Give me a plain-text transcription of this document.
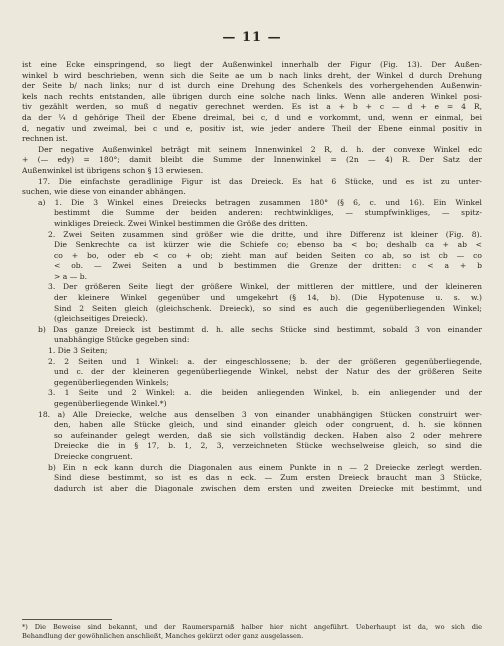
— 11 —
ist eine Ecke einspringend, so liegt der Außenwinkel innerhalb der Figur (Fig. 13). Der Außen-
winkel b wird beschrieben, wenn sich die Seite ae um b nach links dreht, der Winkel d durch Drehung
der Seite b/ nach links; nur d ist durch eine Drehung des Schenkels des vorhergehenden Außenwin-
kels nach rechts entstanden, alle übrigen durch eine solche nach links. Wenn alle anderen Winkel posi-
tiv gezählt werden, so muß d negativ gerechnet werden. Es ist a + b + c — d + e = 4 R,
da der ¼ d gehörige Theil der Ebene dreimal, bei c, d und e vorkommt, und, wenn er einmal, bei
d, negativ und zweimal, bei c und e, positiv ist, wie jeder andere Theil der Ebene einmal positiv in
rechnen ist.
Der negative Außenwinkel beträgt mit seinem Innenwinkel 2 R, d. h. der convexe Winkel edc
+ (— edy) = 180°; damit bleibt die Summe der Innenwinkel = (2n — 4) R. Der Satz der
Außenwinkel ist übrigens schon § 13 erwiesen.
17. Die einfachste geradlinige Figur ist das Dreieck. Es hat 6 Stücke, und es ist zu unter-
suchen, wie diese von einander abhängen.
a) 1. Die 3 Winkel eines Dreiecks betragen zusammen 180° (§ 6, c. und 16). Ein Winkel
bestimmt die Summe der beiden anderen: rechtwinkliges, — stumpfwinkliges, — spitz-
winkliges Dreieck. Zwei Winkel bestimmen die Größe des dritten.
2. Zwei Seiten zusammen sind größer wie die dritte, und ihre Differenz ist kleiner (Fig. 8).
Die Senkrechte ca ist kürzer wie die Schiefe co; ebenso ba < bo; deshalb ca + ab <
co + bo, oder eb < co + ob; zieht man auf beiden Seiten co ab, so ist cb — co
< ob. — Zwei Seiten a und b bestimmen die Grenze der dritten: c < a + b
> a — b.
3. Der größeren Seite liegt der größere Winkel, der mittleren der mittlere, und der kleineren
der kleinere Winkel gegenüber und umgekehrt (§ 14, b). (Die Hypotenuse u. s. w.)
Sind 2 Seiten gleich (gleichschenk. Dreieck), so sind es auch die gegenüberliegenden Winkel;
(gleichseitiges Dreieck).
b) Das ganze Dreieck ist bestimmt d. h. alle sechs Stücke sind bestimmt, sobald 3 von einander
unabhängige Stücke gegeben sind:
1. Die 3 Seiten;
2. 2 Seiten und 1 Winkel: a. der eingeschlossene; b. der der größeren gegenüberliegende,
und c. der der kleineren gegenüberliegende Winkel, nebst der Natur des der größeren Seite
gegenüberliegenden Winkels;
3. 1 Seite und 2 Winkel: a. die beiden anliegenden Winkel, b. ein anliegender und der
gegenüberliegende Winkel.*)
18. a) Alle Dreiecke, welche aus denselben 3 von einander unabhängigen Stücken construirt wer-
den, haben alle Stücke gleich, und sind einander gleich oder congruent, d. h. sie können
so aufeinander gelegt werden, daß sie sich vollständig decken. Haben also 2 oder mehrere
Dreiecke die in § 17, b. 1, 2, 3, verzeichneten Stücke wechselweise gleich, so sind die
Dreiecke congruent.
b) Ein n eck kann durch die Diagonalen aus einem Punkte in n — 2 Dreiecke zerlegt werden.
Sind diese bestimmt, so ist es das n eck. — Zum ersten Dreieck braucht man 3 Stücke,
dadurch ist aber die Diagonale zwischen dem ersten und zweiten Dreiecke mit bestimmt, und
*) Die Beweise sind bekannt, und der Raumersparniß halber hier nicht angeführt. Ueberhaupt ist da, wo sich die
Behandlung der gewöhnlichen anschließt, Manches gekürzt oder ganz ausgelassen.
